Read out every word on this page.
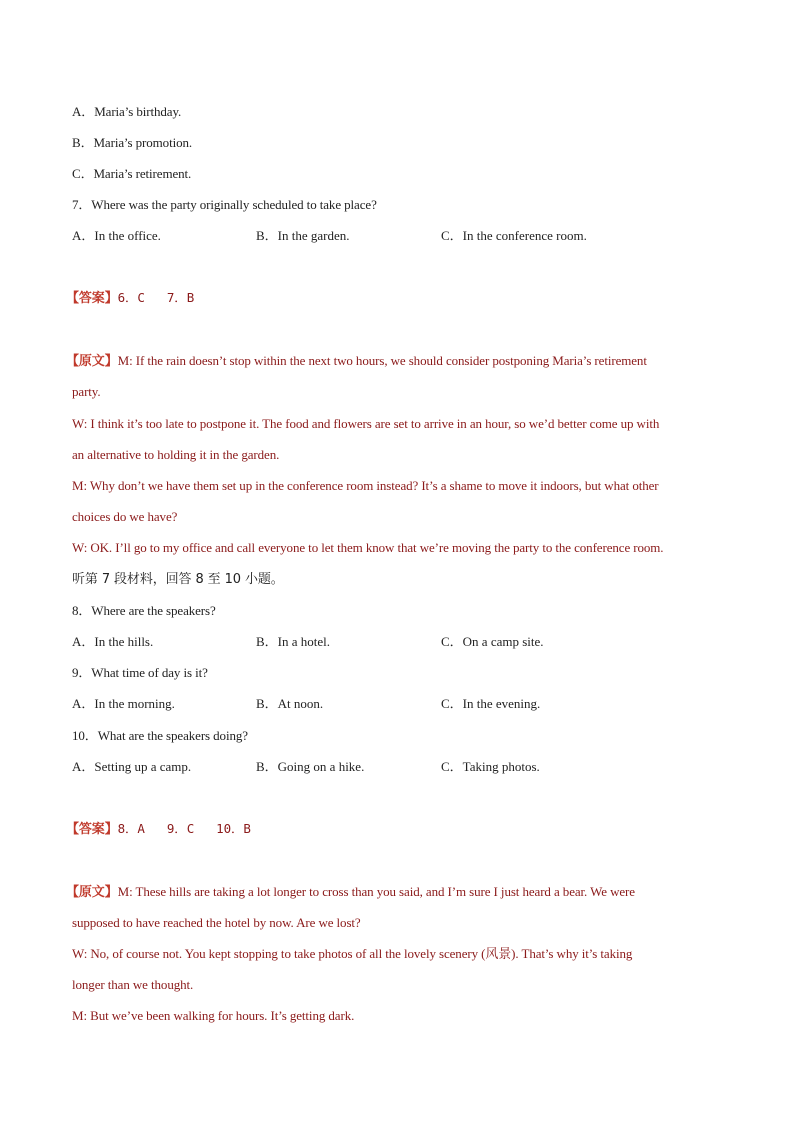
A．Maria’s birthday.
B．Maria’s promotion.
C．Maria’s retirement.
7．Where was the party originally scheduled to take place?
A．In the office.	B．In the garden.	C．In the conference room.
【答案】6．C 7．B
【原文】M: If the rain doesn’t stop within the next two hours, we should consider postponing Maria’s retirement
party.
W: I think it’s too late to postpone it. The food and flowers are set to arrive in an hour, so we’d better come up with
an alternative to holding it in the garden.
M: Why don’t we have them set up in the conference room instead? It’s a shame to move it indoors, but what other
choices do we have?
W: OK. I’ll go to my office and call everyone to let them know that we’re moving the party to the conference room.
听第 7 段材料，回答 8 至 10 小题。
8．Where are the speakers?
A．In the hills.	B．In a hotel.	C．On a camp site.
9．What time of day is it?
A．In the morning.	B．At noon.	C．In the evening.
10．What are the speakers doing?
A．Setting up a camp.	B．Going on a hike.	C．Taking photos.
【答案】8．A 9．C 10．B
【原文】M: These hills are taking a lot longer to cross than you said, and I’m sure I just heard a bear. We were
supposed to have reached the hotel by now. Are we lost?
W: No, of course not. You kept stopping to take photos of all the lovely scenery (风景). That’s why it’s taking
longer than we thought.
M: But we’ve been walking for hours. It’s getting dark.
